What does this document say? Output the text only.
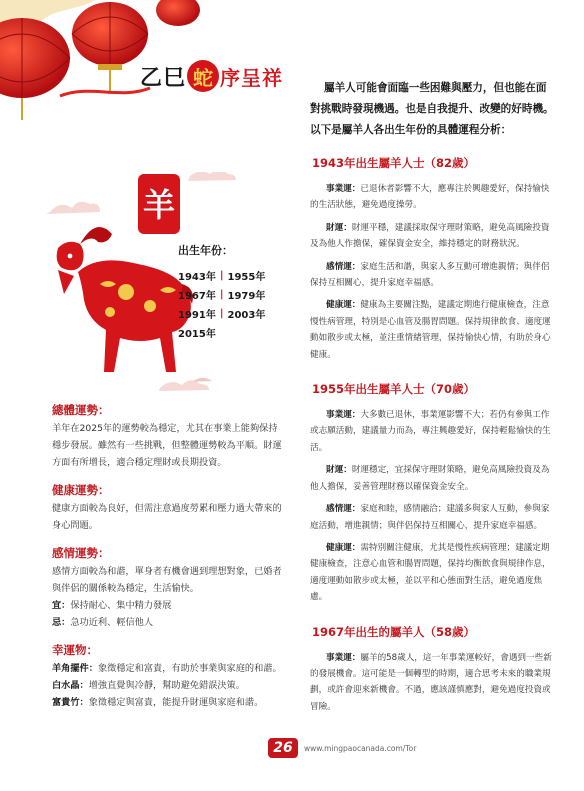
乙巳 蛇 序呈祥
羊
出生年份：
1943年 | 1955年
1967年 | 1979年
1991年 | 2003年
2015年
總體運勢：

羊年在2025年的運勢較為穩定，尤其在事業上能夠保持穩步發展。雖然有一些挑戰，但整體運勢較為平順。財運方面有所增長，適合穩定理財或長期投資。

健康運勢：

健康方面較為良好，但需注意過度勞累和壓力過大帶來的身心問題。

感情運勢：

感情方面較為和諧，單身者有機會遇到理想對象，已婚者與伴侶的關係較為穩定，生活愉快。

宜：保持耐心、集中精力發展
忌：急功近利、輕信他人
幸運物：
羊角擺件：象徵穩定和富貴，有助於事業與家庭的和諧。
白水晶：增強直覺與冷靜，幫助避免錯誤決策。
富貴竹：象徵穩定與富貴，能提升財運與家庭和諧。

屬羊人可能會面臨一些困難與壓力，但也能在面對挑戰時發現機遇。也是自我提升、改變的好時機。以下是屬羊人各出生年份的具體運程分析：

1943年出生屬羊人士（82歲）

事業運：已退休者影響不大，應專注於興趣愛好，保持愉快的生活狀態，避免過度操勞。

財運：財運平穩，建議採取保守理財策略，避免高風險投資及為他人作擔保，確保資金安全，維持穩定的財務狀況。

感情運：家庭生活和諧，與家人多互動可增進親情；與伴侶保持互相關心，提升家庭幸福感。

健康運：健康為主要關注點，建議定期進行健康檢查，注意慢性病管理，特別是心血管及腸胃問題。保持規律飲食、適度運動如散步或太極，並注重情緒管理，保持愉快心情，有助於身心健康。

1955年出生屬羊人士（70歲）

事業運：大多數已退休，事業運影響不大；若仍有參與工作或志願活動，建議量力而為，專注興趣愛好，保持輕鬆愉快的生活。

財運：財運穩定，宜採保守理財策略，避免高風險投資及為他人擔保，妥善管理財務以確保資金安全。

感情運：家庭和睦，感情融洽；建議多與家人互動，參與家庭活動，增進親情；與伴侶保持互相關心，提升家庭幸福感。

健康運：需特別關注健康，尤其是慢性疾病管理；建議定期健康檢查，注意心血管和腸胃問題，保持均衡飲食與規律作息，適度運動如散步或太極，並以平和心態面對生活，避免過度焦慮。

1967年出生的屬羊人（58歲）

事業運：屬羊的58歲人，這一年事業運較好，會遇到一些新的發展機會。這可能是一個轉型的時期，適合思考未來的職業規劃，或許會迎來新機會。不過，應該謹慎應對，避免過度投資或冒險。

26	www.mingpaocanada.com/Tor
